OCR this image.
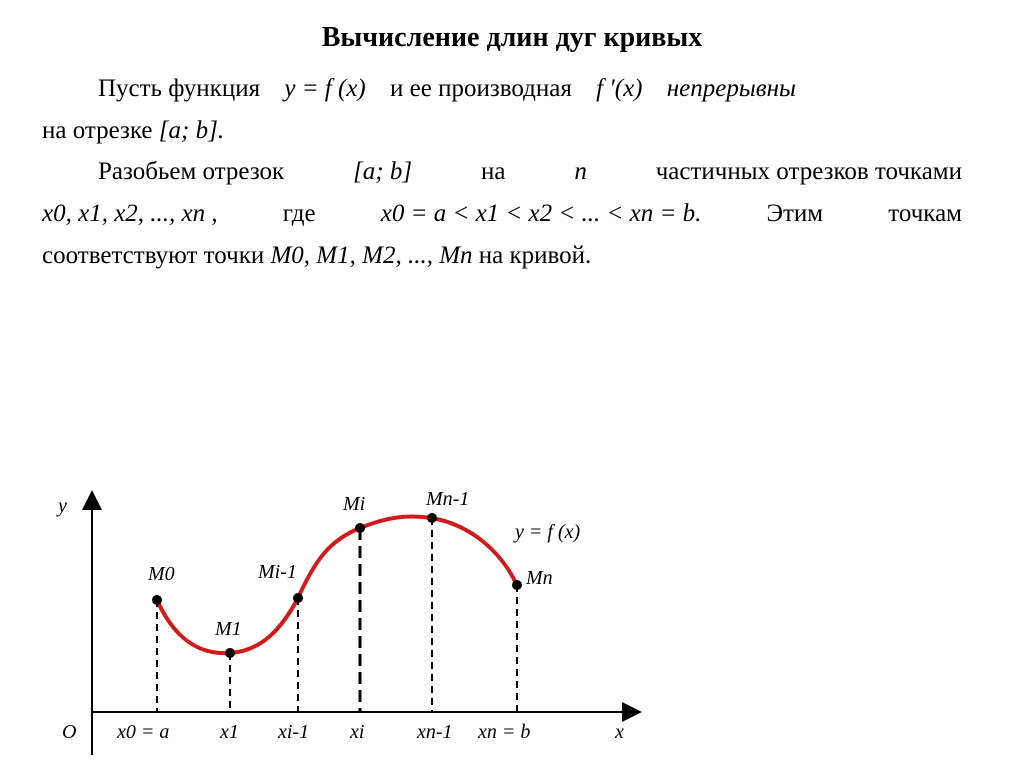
Вычисление длин дуг кривых
Пусть функция y = f (x) и ее производная f ′(x) непрерывны
на отрезке [a; b].
Разобьем отрезок	[a; b]	на	n	частичных отрезков точками
x0, x1, x2, ..., xn ,	где	x0 = a < x1 < x2 < ... < xn = b.	Этим	точкам
соответствуют точки M0, M1, M2, ..., Mn на кривой.
y
x
O
y = f (x)
M0
M1
Mi-1
Mi	Mn-1
Mn
x0 = a	x1 xi-1 xi	xn-1 xn = b
